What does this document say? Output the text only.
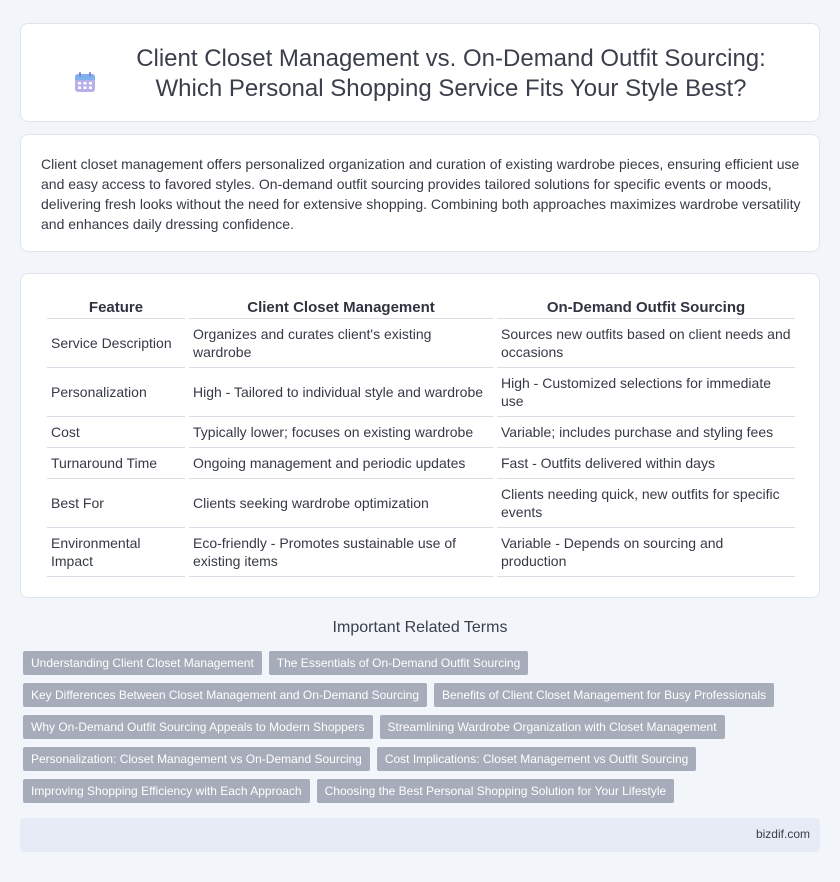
Client Closet Management vs. On-Demand Outfit Sourcing: Which Personal Shopping Service Fits Your Style Best?

Client closet management offers personalized organization and curation of existing wardrobe pieces, ensuring efficient use and easy access to favored styles. On-demand outfit sourcing provides tailored solutions for specific events or moods, delivering fresh looks without the need for extensive shopping. Combining both approaches maximizes wardrobe versatility and enhances daily dressing confidence.

Feature	Client Closet Management	On-Demand Outfit Sourcing
Service Description	Organizes and curates client's existing wardrobe	Sources new outfits based on client needs and occasions
Personalization	High - Tailored to individual style and wardrobe	High - Customized selections for immediate use
Cost	Typically lower; focuses on existing wardrobe	Variable; includes purchase and styling fees
Turnaround Time	Ongoing management and periodic updates	Fast - Outfits delivered within days
Best For	Clients seeking wardrobe optimization	Clients needing quick, new outfits for specific events
Environmental Impact	Eco-friendly - Promotes sustainable use of existing items	Variable - Depends on sourcing and production
Important Related Terms
Understanding Client Closet Management	The Essentials of On-Demand Outfit Sourcing
Key Differences Between Closet Management and On-Demand Sourcing	Benefits of Client Closet Management for Busy Professionals
Why On-Demand Outfit Sourcing Appeals to Modern Shoppers	Streamlining Wardrobe Organization with Closet Management
Personalization: Closet Management vs On-Demand Sourcing	Cost Implications: Closet Management vs Outfit Sourcing
Improving Shopping Efficiency with Each Approach	Choosing the Best Personal Shopping Solution for Your Lifestyle
bizdif.com
